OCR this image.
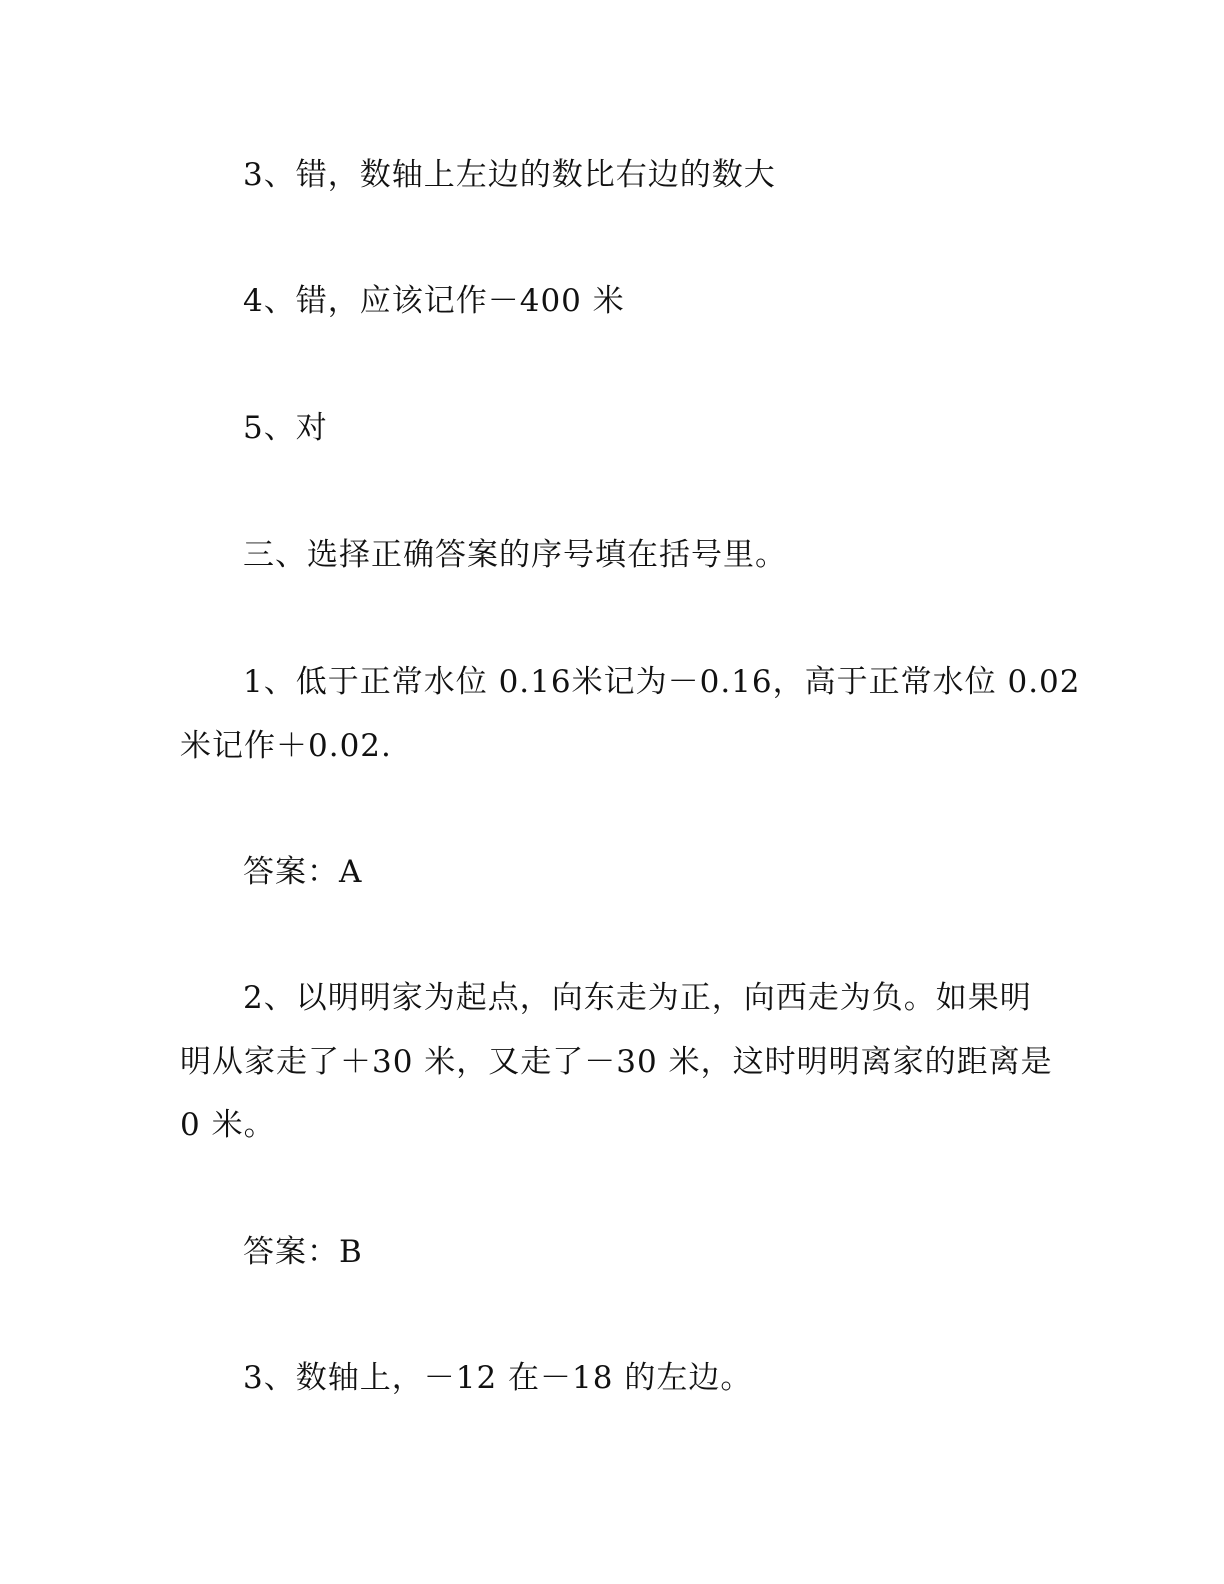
3、错，数轴上左边的数比右边的数大
4、错，应该记作－400 米
5、对
三、选择正确答案的序号填在括号里。
1、低于正常水位 0.16米记为－0.16，高于正常水位 0.02
米记作＋0.02.
答案：A
2、以明明家为起点，向东走为正，向西走为负。如果明
明从家走了＋30 米，又走了－30 米，这时明明离家的距离是
0 米。
答案：B
3、数轴上，－12 在－18 的左边。
